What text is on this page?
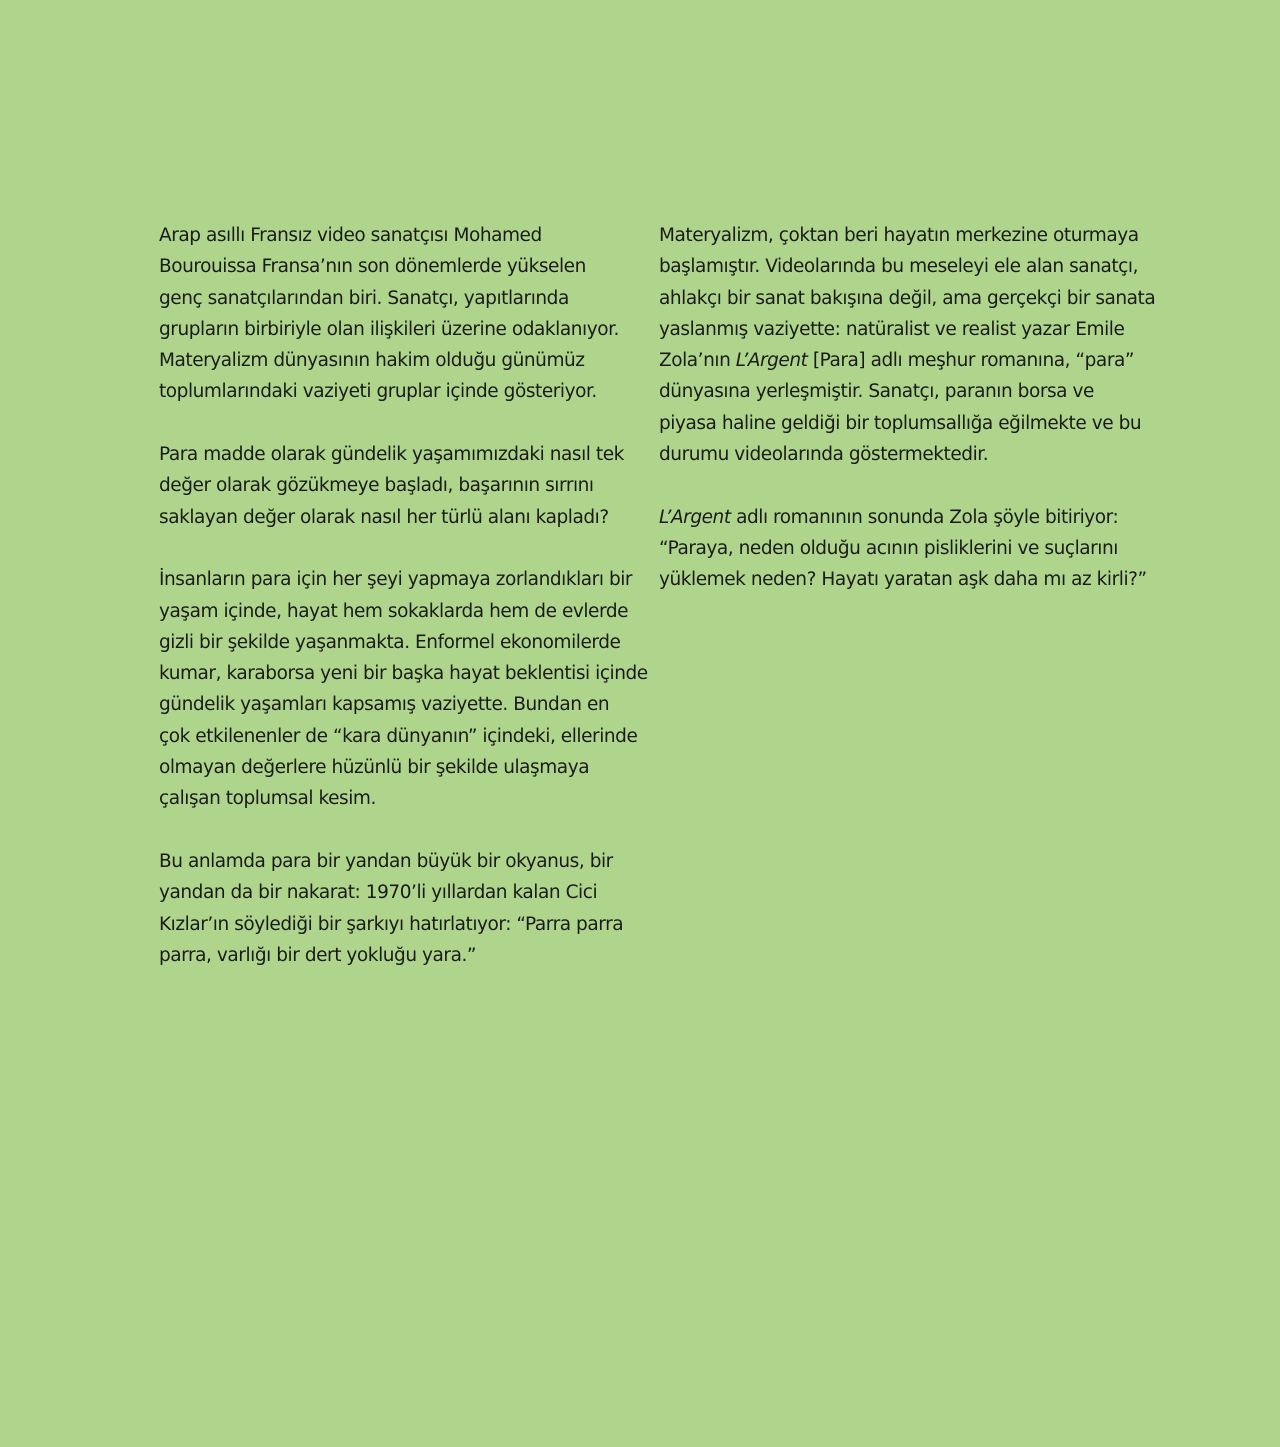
Arap asıllı Fransız video sanatçısı Mohamed
Bourouissa Fransa’nın son dönemlerde yükselen
genç sanatçılarından biri. Sanatçı, yapıtlarında
grupların birbiriyle olan ilişkileri üzerine odaklanıyor.
Materyalizm dünyasının hakim olduğu günümüz
toplumlarındaki vaziyeti gruplar içinde gösteriyor.

Para madde olarak gündelik yaşamımızdaki nasıl tek
değer olarak gözükmeye başladı, başarının sırrını
saklayan değer olarak nasıl her türlü alanı kapladı?

İnsanların para için her şeyi yapmaya zorlandıkları bir
yaşam içinde, hayat hem sokaklarda hem de evlerde
gizli bir şekilde yaşanmakta. Enformel ekonomilerde
kumar, karaborsa yeni bir başka hayat beklentisi içinde
gündelik yaşamları kapsamış vaziyette. Bundan en
çok etkilenenler de “kara dünyanın” içindeki, ellerinde
olmayan değerlere hüzünlü bir şekilde ulaşmaya
çalışan toplumsal kesim.

Bu anlamda para bir yandan büyük bir okyanus, bir
yandan da bir nakarat: 1970’li yıllardan kalan Cici
Kızlar’ın söylediği bir şarkıyı hatırlatıyor: “Parra parra
parra, varlığı bir dert yokluğu yara.”

Materyalizm, çoktan beri hayatın merkezine oturmaya
başlamıştır. Videolarında bu meseleyi ele alan sanatçı,
ahlakçı bir sanat bakışına değil, ama gerçekçi bir sanata
yaslanmış vaziyette: natüralist ve realist yazar Emile
Zola’nın L’Argent [Para] adlı meşhur romanına, “para”
dünyasına yerleşmiştir. Sanatçı, paranın borsa ve
piyasa haline geldiği bir toplumsallığa eğilmekte ve bu
durumu videolarında göstermektedir.

L’Argent adlı romanının sonunda Zola şöyle bitiriyor:
“Paraya, neden olduğu acının pisliklerini ve suçlarını
yüklemek neden? Hayatı yaratan aşk daha mı az kirli?”
